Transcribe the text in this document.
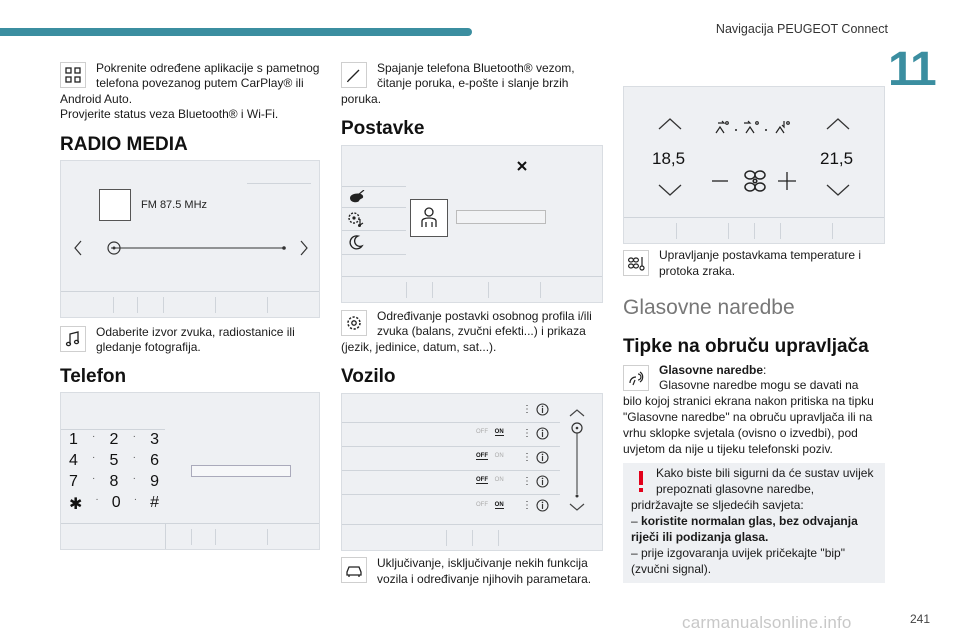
Navigacija PEUGEOT Connect
11
Pokrenite određene aplikacije s pametnog
telefona povezanog putem CarPlay® ili
Android Auto.
Provjerite status veza Bluetooth® i Wi-Fi.
RADIO MEDIA
FM 87.5 MHz
Odaberite izvor zvuka, radiostanice ili
gledanje fotografija.
Telefon
1 · 2 · 3
4 · 5 · 6
7 · 8 · 9
✱ · 0 · #
Spajanje telefona Bluetooth® vezom,
čitanje poruka, e-pošte i slanje brzih
poruka.
Postavke
Određivanje postavki osobnog profila i/ili
zvuka (balans, zvučni efekti...) i prikaza
(jezik, jedinice, datum, sat...).
Vozilo
⋮
OFF ON ⋮
OFF ON ⋮
OFF ON ⋮
OFF ON ⋮
Uključivanje, isključivanje nekih funkcija
vozila i određivanje njihovih parametara.
18,5	21,5
Upravljanje postavkama temperature i
protoka zraka.
Glasovne naredbe
Tipke na obruču upravljača
Glasovne naredbe:
Glasovne naredbe mogu se davati na
bilo kojoj stranici ekrana nakon pritiska na tipku
"Glasovne naredbe" na obruču upravljača ili na
vrhu sklopke svjetala (ovisno o izvedbi), pod
uvjetom da nije u tijeku telefonski poziv.
Kako biste bili sigurni da će sustav uvijek
prepoznati glasovne naredbe,
pridržavajte se sljedećih savjeta:
– koristite normalan glas, bez odvajanja
riječi ili podizanja glasa.
– prije izgovaranja uvijek pričekajte "bip"
(zvučni signal).
carmanualsonline.info	241
